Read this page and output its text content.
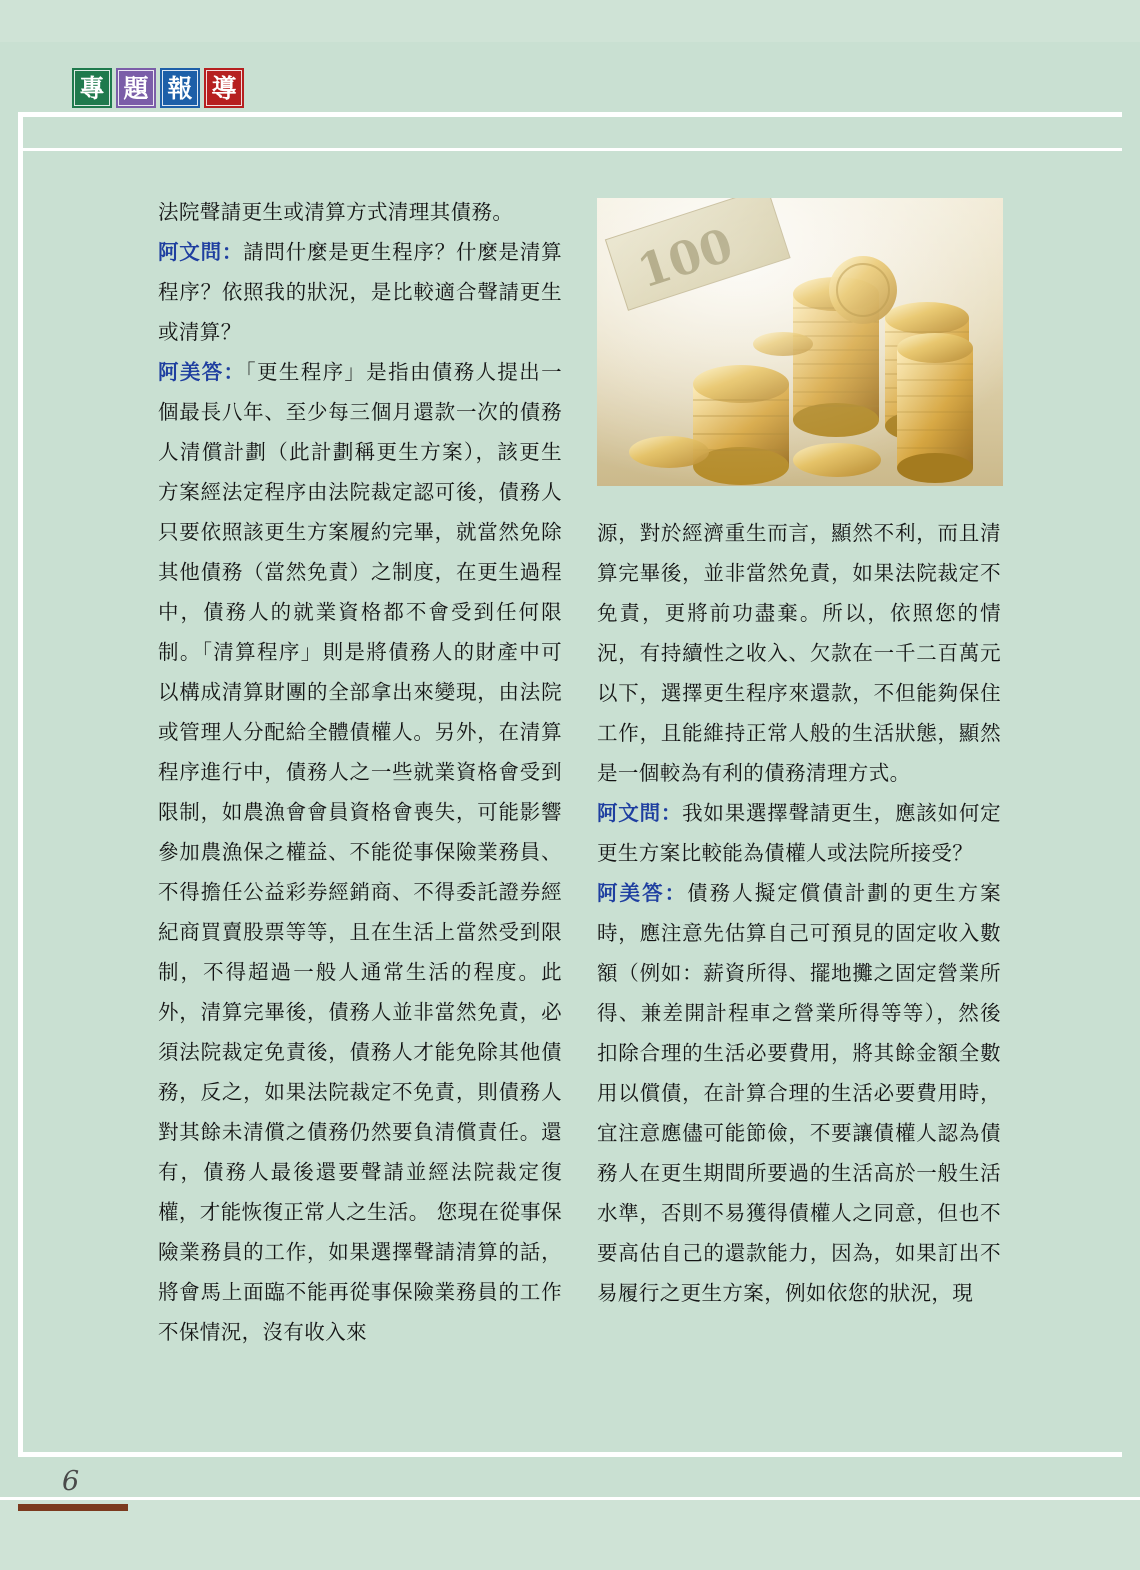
專 題 報 導
100

法院聲請更生或清算方式清理其債務。

阿文問：請問什麼是更生程序？什麼是清算程序？依照我的狀況，是比較適合聲請更生或清算？

阿美答：「更生程序」是指由債務人提出一個最長八年、至少每三個月還款一次的債務人清償計劃（此計劃稱更生方案），該更生方案經法定程序由法院裁定認可後，債務人只要依照該更生方案履約完畢，就當然免除其他債務（當然免責）之制度，在更生過程中，債務人的就業資格都不會受到任何限制。「清算程序」則是將債務人的財產中可以構成清算財團的全部拿出來變現，由法院或管理人分配給全體債權人。另外，在清算程序進行中，債務人之一些就業資格會受到限制，如農漁會會員資格會喪失，可能影響參加農漁保之權益、不能從事保險業務員、不得擔任公益彩券經銷商、不得委託證券經紀商買賣股票等等，且在生活上當然受到限制，不得超過一般人通常生活的程度。此外，清算完畢後，債務人並非當然免責，必須法院裁定免責後，債務人才能免除其他債務，反之，如果法院裁定不免責，則債務人對其餘未清償之債務仍然要負清償責任。還有，債務人最後還要聲請並經法院裁定復權，才能恢復正常人之生活。 您現在從事保險業務員的工作，如果選擇聲請清算的話，將會馬上面臨不能再從事保險業務員的工作不保情況，沒有收入來

源，對於經濟重生而言，顯然不利，而且清算完畢後，並非當然免責，如果法院裁定不免責，更將前功盡棄。所以，依照您的情況，有持續性之收入、欠款在一千二百萬元以下，選擇更生程序來還款，不但能夠保住工作，且能維持正常人般的生活狀態，顯然是一個較為有利的債務清理方式。

阿文問：我如果選擇聲請更生，應該如何定更生方案比較能為債權人或法院所接受？

阿美答：債務人擬定償債計劃的更生方案時，應注意先估算自己可預見的固定收入數額（例如：薪資所得、擺地攤之固定營業所得、兼差開計程車之營業所得等等），然後扣除合理的生活必要費用，將其餘金額全數用以償債，在計算合理的生活必要費用時，宜注意應儘可能節儉，不要讓債權人認為債務人在更生期間所要過的生活高於一般生活水準，否則不易獲得債權人之同意，但也不要高估自己的還款能力，因為，如果訂出不易履行之更生方案，例如依您的狀況，現

6
